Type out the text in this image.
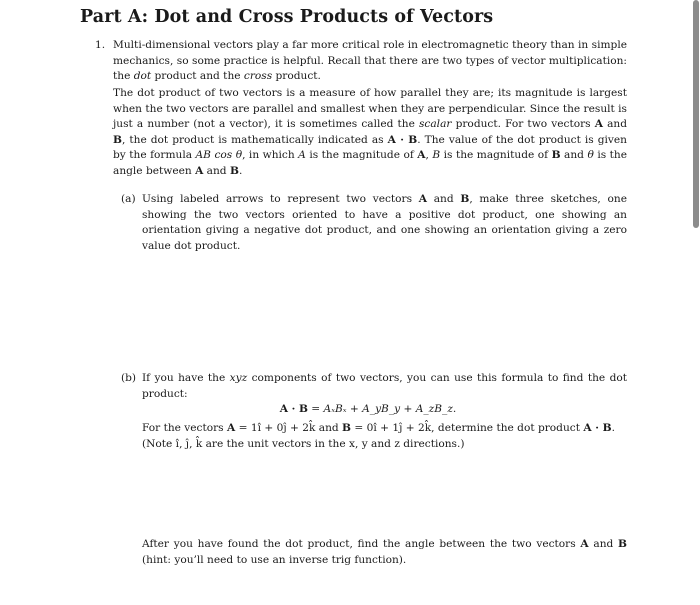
Part A: Dot and Cross Products of Vectors
1. Multi-dimensional vectors play a far more critical role in electromagnetic theory than in simple mechanics, so some practice is helpful. Recall that there are two types of vector multiplication: the dot product and the cross product.
The dot product of two vectors is a measure of how parallel they are; its magnitude is largest when the two vectors are parallel and smallest when they are perpendicular. Since the result is just a number (not a vector), it is sometimes called the scalar product. For two vectors A and B, the dot product is mathematically indicated as A · B. The value of the dot product is given by the formula AB cos θ, in which A is the magnitude of A, B is the magnitude of B and θ is the angle between A and B.
(a) Using labeled arrows to represent two vectors A and B, make three sketches, one showing the two vectors oriented to have a positive dot product, one showing an orientation giving a negative dot product, and one showing an orientation giving a zero value dot product.
(b) If you have the xyz components of two vectors, you can use this formula to find the dot product:
A · B = AₓBₓ + A_yB_y + A_zB_z.
For the vectors A = 1î + 0ĵ + 2k̂ and B = 0î + 1ĵ + 2k̂, determine the dot product A · B.
(Note î, ĵ, k̂ are the unit vectors in the x, y and z directions.)
After you have found the dot product, find the angle between the two vectors A and B (hint: you’ll need to use an inverse trig function).
